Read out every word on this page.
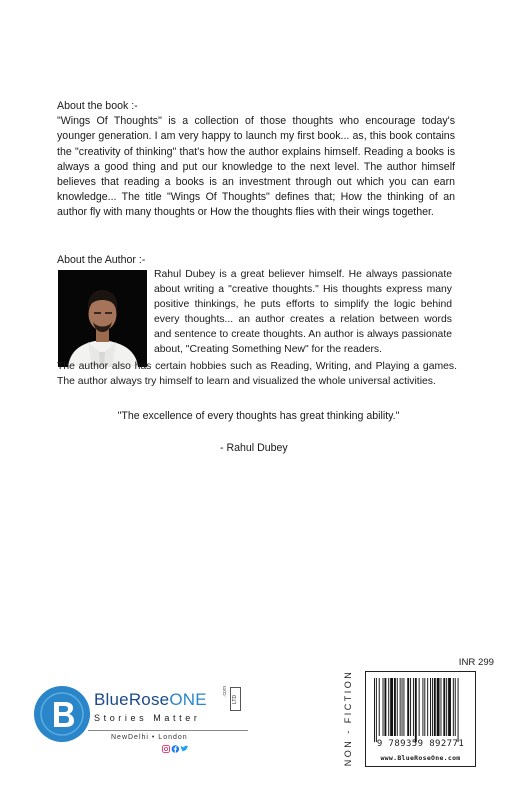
About the book :-
"Wings Of Thoughts" is a collection of those thoughts who encourage today's younger generation. I am very happy to launch my first book... as, this book contains the "creativity of thinking" that's how the author explains himself. Reading a books is always a good thing and put our knowledge to the next level. The author himself believes that reading a books is an investment through out which you can earn knowledge... The title "Wings Of Thoughts" defines that; How the thinking of an author fly with many thoughts or How the thoughts flies with their wings together.
About the Author :-
Rahul Dubey is a great believer himself. He always passionate about writing a "creative thoughts." His thoughts express many positive thinkings, he puts efforts to simplify the logic behind every thoughts... an author creates a relation between words and sentence to create thoughts. An author is always passionate about, "Creating Something New" for the readers.
The author also has certain hobbies such as Reading, Writing, and Playing a games. The author always try himself to learn and visualized the whole universal activities.
"The excellence of every thoughts has great thinking ability."
- Rahul Dubey
BlueRoseONE	.com
LTD
Stories Matter
NewDelhi • London	NON - FICTION
INR 299
9 789359 892771
www.BlueRoseOne.com
